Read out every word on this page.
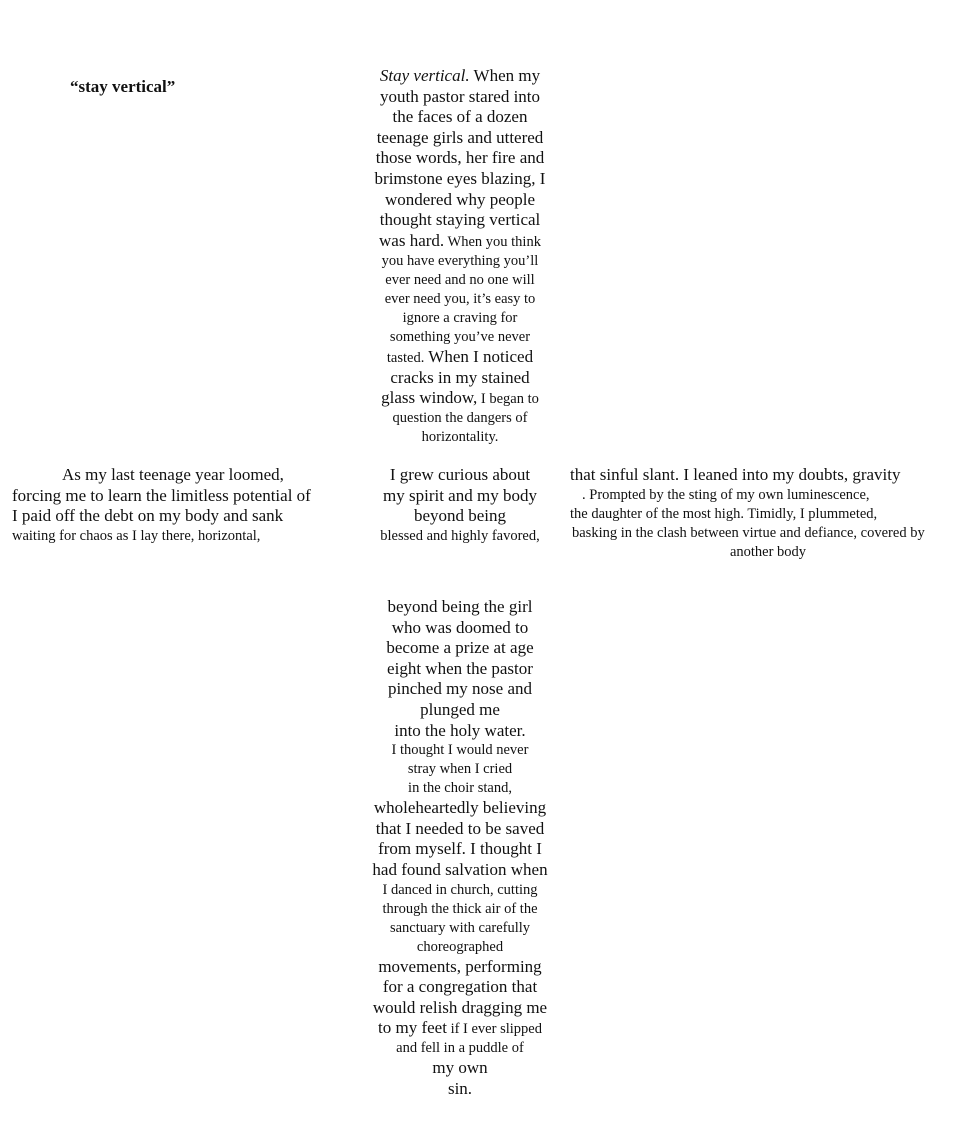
“stay vertical”
Stay vertical. When my
youth pastor stared into
the faces of a dozen
teenage girls and uttered
those words, her fire and
brimstone eyes blazing, I
wondered why people
thought staying vertical
was hard. When you think
you have everything you’ll
ever need and no one will
ever need you, it’s easy to
ignore a craving for
something you’ve never
tasted. When I noticed
cracks in my stained
glass window, I began to
question the dangers of
horizontality.
As my last teenage year loomed,
forcing me to learn the limitless potential of
I paid off the debt on my body and sank
waiting for chaos as I lay there, horizontal,
I grew curious about
my spirit and my body
beyond being
blessed and highly favored,
that sinful slant. I leaned into my doubts, gravity
. Prompted by the sting of my own luminescence,
the daughter of the most high. Timidly, I plummeted,
basking in the clash between virtue and defiance, covered by
another body
beyond being the girl
who was doomed to
become a prize at age
eight when the pastor
pinched my nose and
plunged me
into the holy water.
I thought I would never
stray when I cried
in the choir stand,
wholeheartedly believing
that I needed to be saved
from myself. I thought I
had found salvation when
I danced in church, cutting
through the thick air of the
sanctuary with carefully
choreographed
movements, performing
for a congregation that
would relish dragging me
to my feet if I ever slipped
and fell in a puddle of
my own
sin.
